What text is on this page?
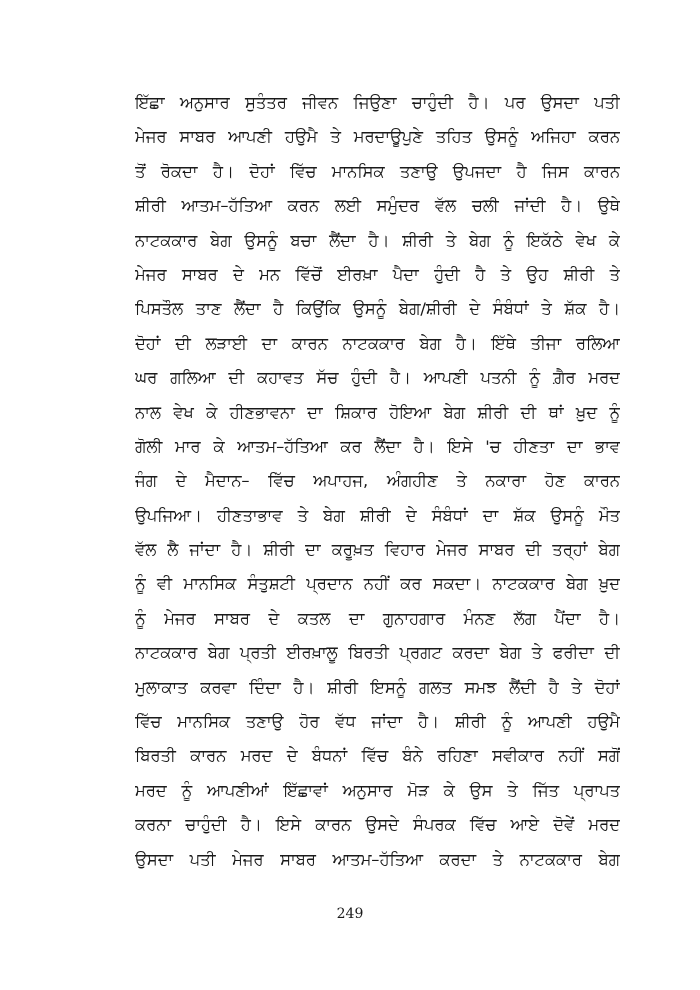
ਇੱਛਾ ਅਨੁਸਾਰ ਸੁਤੰਤਰ ਜੀਵਨ ਜਿਉਣਾ ਚਾਹੁੰਦੀ ਹੈ। ਪਰ ਉਸਦਾ ਪਤੀ
ਮੇਜਰ ਸਾਬਰ ਆਪਣੀ ਹਉਮੈ ਤੇ ਮਰਦਾਊਪੁਣੇ ਤਹਿਤ ਉਸਨੂੰ ਅਜਿਹਾ ਕਰਨ
ਤੋਂ ਰੋਕਦਾ ਹੈ। ਦੋਹਾਂ ਵਿੱਚ ਮਾਨਸਿਕ ਤਣਾਉ ਉਪਜਦਾ ਹੈ ਜਿਸ ਕਾਰਨ
ਸ਼ੀਰੀ ਆਤਮ–ਹੱਤਿਆ ਕਰਨ ਲਈ ਸਮੁੰਦਰ ਵੱਲ ਚਲੀ ਜਾਂਦੀ ਹੈ। ਉਥੇ
ਨਾਟਕਕਾਰ ਬੇਗ ਉਸਨੂੰ ਬਚਾ ਲੈਂਦਾ ਹੈ। ਸ਼ੀਰੀ ਤੇ ਬੇਗ ਨੂੰ ਇਕੱਠੇ ਵੇਖ ਕੇ
ਮੇਜਰ ਸਾਬਰ ਦੇ ਮਨ ਵਿੱਚੋਂ ਈਰਖ਼ਾ ਪੈਦਾ ਹੁੰਦੀ ਹੈ ਤੇ ਉਹ ਸ਼ੀਰੀ ਤੇ
ਪਿਸਤੌਲ ਤਾਣ ਲੈਂਦਾ ਹੈ ਕਿਉਂਕਿ ਉਸਨੂੰ ਬੇਗ/ਸ਼ੀਰੀ ਦੇ ਸੰਬੰਧਾਂ ਤੇ ਸ਼ੱਕ ਹੈ।
ਦੋਹਾਂ ਦੀ ਲੜਾਈ ਦਾ ਕਾਰਨ ਨਾਟਕਕਾਰ ਬੇਗ ਹੈ। ਇੱਥੇ ਤੀਜਾ ਰਲਿਆ
ਘਰ ਗਲਿਆ ਦੀ ਕਹਾਵਤ ਸੱਚ ਹੁੰਦੀ ਹੈ। ਆਪਣੀ ਪਤਨੀ ਨੂੰ ਗ਼ੈਰ ਮਰਦ
ਨਾਲ ਵੇਖ ਕੇ ਹੀਣਭਾਵਨਾ ਦਾ ਸ਼ਿਕਾਰ ਹੋਇਆ ਬੇਗ ਸ਼ੀਰੀ ਦੀ ਥਾਂ ਖ਼ੁਦ ਨੂੰ
ਗੋਲੀ ਮਾਰ ਕੇ ਆਤਮ–ਹੱਤਿਆ ਕਰ ਲੈਂਦਾ ਹੈ। ਇਸੇ 'ਚ ਹੀਣਤਾ ਦਾ ਭਾਵ
ਜੰਗ ਦੇ ਮੈਦਾਨ– ਵਿੱਚ ਅਪਾਹਜ, ਅੰਗਹੀਣ ਤੇ ਨਕਾਰਾ ਹੋਣ ਕਾਰਨ
ਉਪਜਿਆ। ਹੀਣਤਾਭਾਵ ਤੇ ਬੇਗ ਸ਼ੀਰੀ ਦੇ ਸੰਬੰਧਾਂ ਦਾ ਸ਼ੱਕ ਉਸਨੂੰ ਮੌਤ
ਵੱਲ ਲੈ ਜਾਂਦਾ ਹੈ। ਸ਼ੀਰੀ ਦਾ ਕਰੂਖ਼ਤ ਵਿਹਾਰ ਮੇਜਰ ਸਾਬਰ ਦੀ ਤਰ੍ਹਾਂ ਬੇਗ
ਨੂੰ ਵੀ ਮਾਨਸਿਕ ਸੰਤੁਸ਼ਟੀ ਪ੍ਰਦਾਨ ਨਹੀਂ ਕਰ ਸਕਦਾ। ਨਾਟਕਕਾਰ ਬੇਗ ਖ਼ੁਦ
ਨੂੰ ਮੇਜਰ ਸਾਬਰ ਦੇ ਕਤਲ ਦਾ ਗੁਨਾਹਗਾਰ ਮੰਨਣ ਲੱਗ ਪੈਂਦਾ ਹੈ।
ਨਾਟਕਕਾਰ ਬੇਗ ਪ੍ਰਤੀ ਈਰਖ਼ਾਲੂ ਬਿਰਤੀ ਪ੍ਰਗਟ ਕਰਦਾ ਬੇਗ ਤੇ ਫਰੀਦਾ ਦੀ
ਮੁਲਾਕਾਤ ਕਰਵਾ ਦਿੰਦਾ ਹੈ। ਸ਼ੀਰੀ ਇਸਨੂੰ ਗਲਤ ਸਮਝ ਲੈਂਦੀ ਹੈ ਤੇ ਦੋਹਾਂ
ਵਿੱਚ ਮਾਨਸਿਕ ਤਣਾਉ ਹੋਰ ਵੱਧ ਜਾਂਦਾ ਹੈ। ਸ਼ੀਰੀ ਨੂੰ ਆਪਣੀ ਹਉਮੈ
ਬਿਰਤੀ ਕਾਰਨ ਮਰਦ ਦੇ ਬੰਧਨਾਂ ਵਿੱਚ ਬੰਨੇ ਰਹਿਣਾ ਸਵੀਕਾਰ ਨਹੀਂ ਸਗੋਂ
ਮਰਦ ਨੂੰ ਆਪਣੀਆਂ ਇੱਛਾਵਾਂ ਅਨੁਸਾਰ ਮੋੜ ਕੇ ਉਸ ਤੇ ਜਿੱਤ ਪ੍ਰਾਪਤ
ਕਰਨਾ ਚਾਹੁੰਦੀ ਹੈ। ਇਸੇ ਕਾਰਨ ਉਸਦੇ ਸੰਪਰਕ ਵਿੱਚ ਆਏ ਦੋਵੇਂ ਮਰਦ
ਉਸਦਾ ਪਤੀ ਮੇਜਰ ਸਾਬਰ ਆਤਮ–ਹੱਤਿਆ ਕਰਦਾ ਤੇ ਨਾਟਕਕਾਰ ਬੇਗ
249
